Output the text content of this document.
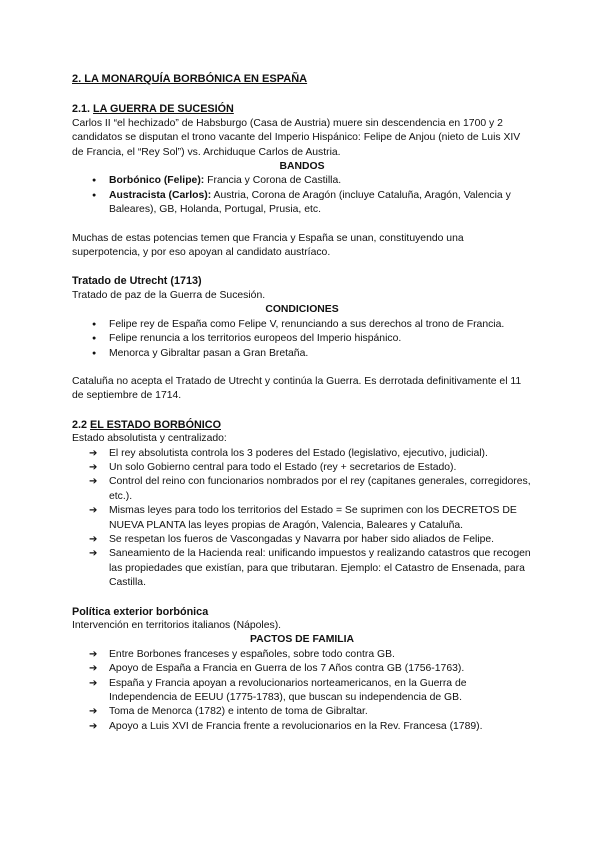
2. LA MONARQUÍA BORBÓNICA EN ESPAÑA
2.1. LA GUERRA DE SUCESIÓN

Carlos II “el hechizado” de Habsburgo (Casa de Austria) muere sin descendencia en 1700 y 2 candidatos se disputan el trono vacante del Imperio Hispánico: Felipe de Anjou (nieto de Luis XIV de Francia, el “Rey Sol”) vs. Archiduque Carlos de Austria.

BANDOS

● Borbónico (Felipe): Francia y Corona de Castilla.
● Austracista (Carlos): Austria, Corona de Aragón (incluye Cataluña, Aragón, Valencia y Baleares), GB, Holanda, Portugal, Prusia, etc.

Muchas de estas potencias temen que Francia y España se unan, constituyendo una superpotencia, y por eso apoyan al candidato austríaco.

Tratado de Utrecht (1713)

Tratado de paz de la Guerra de Sucesión.

CONDICIONES

● Felipe rey de España como Felipe V, renunciando a sus derechos al trono de Francia.
● Felipe renuncia a los territorios europeos del Imperio hispánico.
● Menorca y Gibraltar pasan a Gran Bretaña.

Cataluña no acepta el Tratado de Utrecht y continúa la Guerra. Es derrotada definitivamente el 11 de septiembre de 1714.

2.2 EL ESTADO BORBÓNICO

Estado absolutista y centralizado:

➔ El rey absolutista controla los 3 poderes del Estado (legislativo, ejecutivo, judicial).
➔ Un solo Gobierno central para todo el Estado (rey + secretarios de Estado).
➔ Control del reino con funcionarios nombrados por el rey (capitanes generales, corregidores, etc.).
➔ Mismas leyes para todo los territorios del Estado = Se suprimen con los DECRETOS DE NUEVA PLANTA las leyes propias de Aragón, Valencia, Baleares y Cataluña.
➔ Se respetan los fueros de Vascongadas y Navarra por haber sido aliados de Felipe.
➔ Saneamiento de la Hacienda real: unificando impuestos y realizando catastros que recogen las propiedades que existían, para que tributaran. Ejemplo: el Catastro de Ensenada, para Castilla.
Política exterior borbónica

Intervención en territorios italianos (Nápoles).

PACTOS DE FAMILIA

➔ Entre Borbones franceses y españoles, sobre todo contra GB.
➔ Apoyo de España a Francia en Guerra de los 7 Años contra GB (1756-1763).
➔ España y Francia apoyan a revolucionarios norteamericanos, en la Guerra de Independencia de EEUU (1775-1783), que buscan su independencia de GB.
➔ Toma de Menorca (1782) e intento de toma de Gibraltar.
➔ Apoyo a Luis XVI de Francia frente a revolucionarios en la Rev. Francesa (1789).
